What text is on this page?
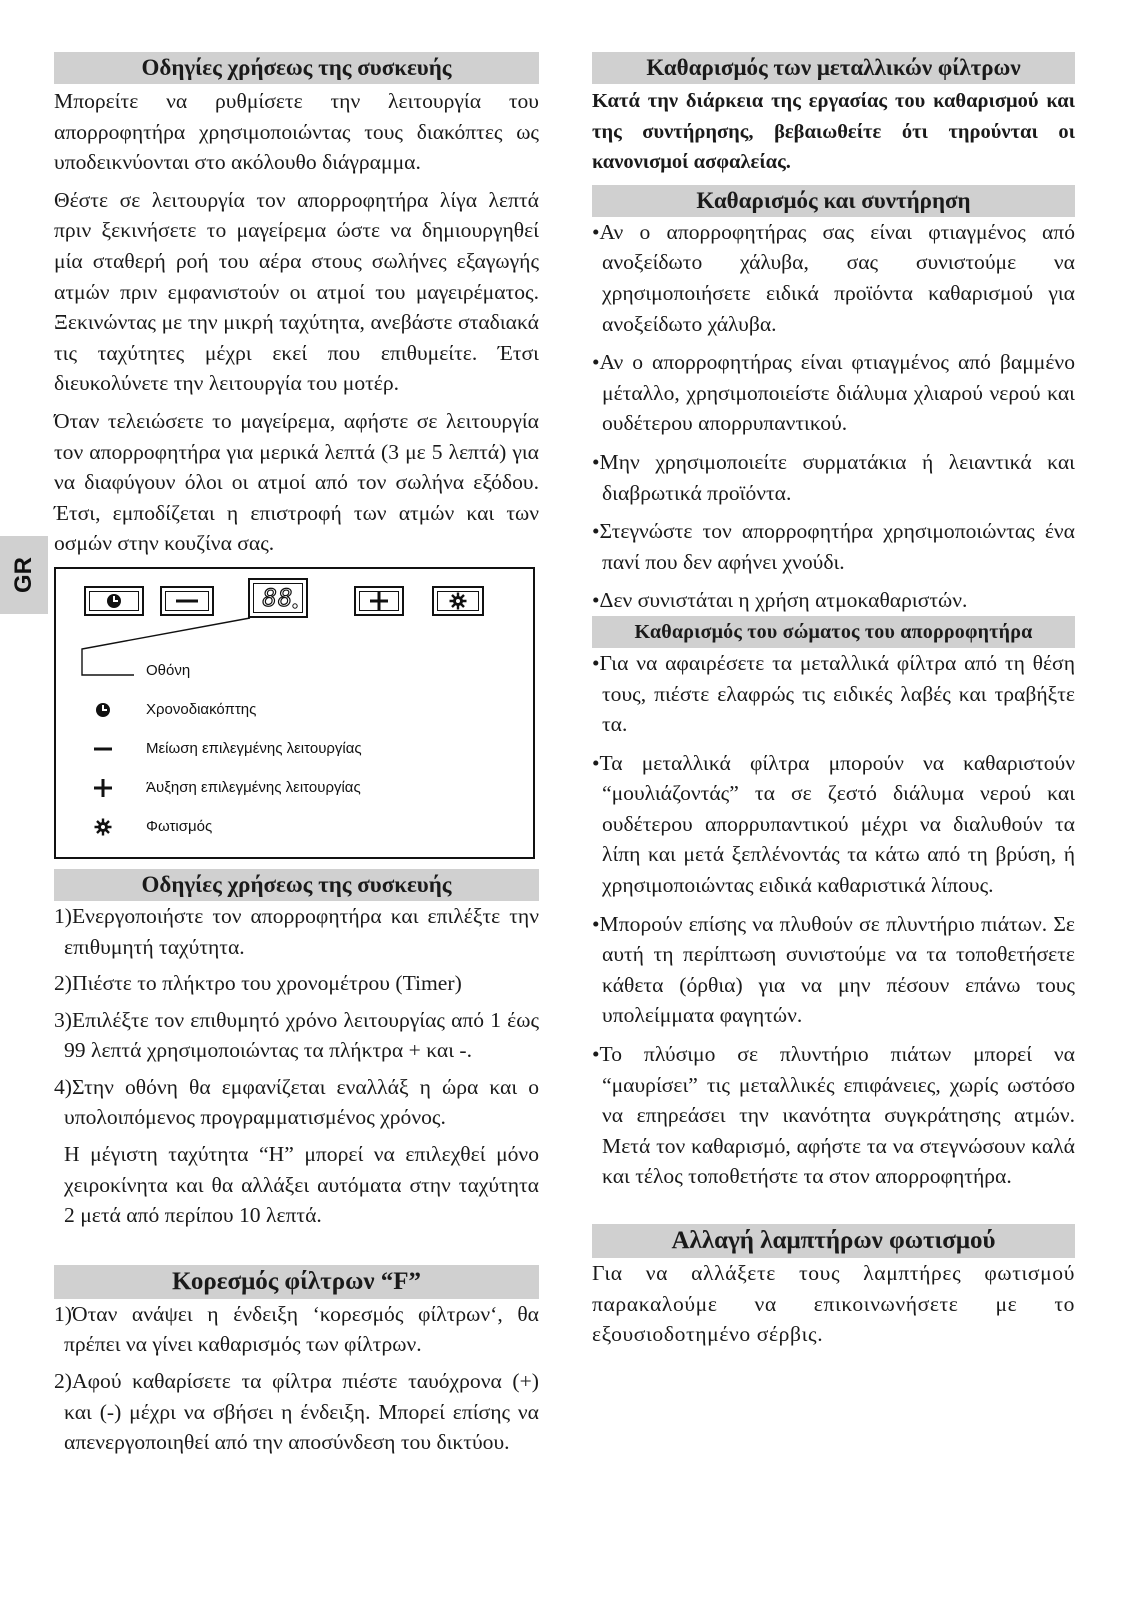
GR
Οδηγίες χρήσεως της συσκευής

Μπορείτε να ρυθμίσετε την λειτουργία του απορροφητήρα χρησιμοποιώντας τους διακόπτες ως υποδεικνύονται στο ακόλουθο διάγραμμα.

Θέστε σε λειτουργία τον απορροφητήρα λίγα λεπτά πριν ξεκινήσετε το μαγείρεμα ώστε να δημιουργηθεί μία σταθερή ροή του αέρα στους σωλήνες εξαγωγής ατμών πριν εμφανιστούν οι ατμοί του μαγειρέματος. Ξεκινώντας με την μικρή ταχύτητα, ανεβάστε σταδιακά τις ταχύτητες μέχρι εκεί που επιθυμείτε. Έτσι διευκολύνετε την λειτουργία του μοτέρ.

Όταν τελειώσετε το μαγείρεμα, αφήστε σε λειτουργία τον απορροφητήρα για μερικά λεπτά (3 με 5 λεπτά) για να διαφύγουν όλοι οι ατμοί από τον σωλήνα εξόδου. Έτσι, εμποδίζεται η επιστροφή των ατμών και των οσμών στην κουζίνα σας.

88
Οθόνη
Χρονοδιακόπτης
Μείωση επιλεγμένης λειτουργίας
Άυξηση επιλεγμένης λειτουργίας
Φωτισμός
Οδηγίες χρήσεως της συσκευής

1)Ενεργοποιήστε τον απορροφητήρα και επιλέξτε την επιθυμητή ταχύτητα.

2)Πιέστε το πλήκτρο του χρονομέτρου (Timer)

3)Επιλέξτε τον επιθυμητό χρόνο λειτουργίας από 1 έως 99 λεπτά χρησιμοποιώντας τα πλήκτρα + και -.

4)Στην οθόνη θα εμφανίζεται εναλλάξ η ώρα και ο υπολοιπόμενος προγραμματισμένος χρόνος.

Η μέγιστη ταχύτητα “H” μπορεί να επιλεχθεί μόνο χειροκίνητα και θα αλλάξει αυτόματα στην ταχύτητα 2 μετά από περίπου 10 λεπτά.

Κορεσμός φίλτρων “F”

1)Όταν ανάψει η ένδειξη ‘κορεσμός φίλτρων‘, θα πρέπει να γίνει καθαρισμός των φίλτρων.

2)Αφού καθαρίσετε τα φίλτρα πιέστε ταυόχρονα (+) και (-) μέχρι να σβήσει η ένδειξη. Μπορεί επίσης να απενεργοποιηθεί από την αποσύνδεση του δικτύου.

Καθαρισμός των μεταλλικών φίλτρων

Κατά την διάρκεια της εργασίας του καθαρισμού και της συντήρησης, βεβαιωθείτε ότι τηρούνται οι κανονισμοί ασφαλείας.

Καθαρισμός και συντήρηση

•Αν ο απορροφητήρας σας είναι φτιαγμένος από ανοξείδωτο χάλυβα, σας συνιστούμε να χρησιμοποιήσετε ειδικά προϊόντα καθαρισμού για ανοξείδωτο χάλυβα.

•Αν ο απορροφητήρας είναι φτιαγμένος από βαμμένο μέταλλο, χρησιμοποιείστε διάλυμα χλιαρού νερού και ουδέτερου απορρυπαντικού.

•Μην χρησιμοποιείτε συρματάκια ή λειαντικά και διαβρωτικά προϊόντα.

•Στεγνώστε τον απορροφητήρα χρησιμοποιώντας ένα πανί που δεν αφήνει χνούδι.

•Δεν συνιστάται η χρήση ατμοκαθαριστών.

Καθαρισμός του σώματος του απορροφητήρα

•Για να αφαιρέσετε τα μεταλλικά φίλτρα από τη θέση τους, πιέστε ελαφρώς τις ειδικές λαβές και τραβήξτε τα.

•Τα μεταλλικά φίλτρα μπορούν να καθαριστούν “μουλιάζοντάς” τα σε ζεστό διάλυμα νερού και ουδέτερου απορρυπαντικού μέχρι να διαλυθούν τα λίπη και μετά ξεπλένοντάς τα κάτω από τη βρύση, ή χρησιμοποιώντας ειδικά καθαριστικά λίπους.

•Μπορούν επίσης να πλυθούν σε πλυντήριο πιάτων. Σε αυτή τη περίπτωση συνιστούμε να τα τοποθετήσετε κάθετα (όρθια) για να μην πέσουν επάνω τους υπολείμματα φαγητών.

•Το πλύσιμο σε πλυντήριο πιάτων μπορεί να “μαυρίσει” τις μεταλλικές επιφάνειες, χωρίς ωστόσο να επηρεάσει την ικανότητα συγκράτησης ατμών. Μετά τον καθαρισμό, αφήστε τα να στεγνώσουν καλά και τέλος τοποθετήστε τα στον απορροφητήρα.

Αλλαγή λαμπτήρων φωτισμού

Για να αλλάξετε τους λαμπτήρες φωτισμού παρακαλούμε να επικοινωνήσετε με το εξουσιοδοτημένο σέρβις.
